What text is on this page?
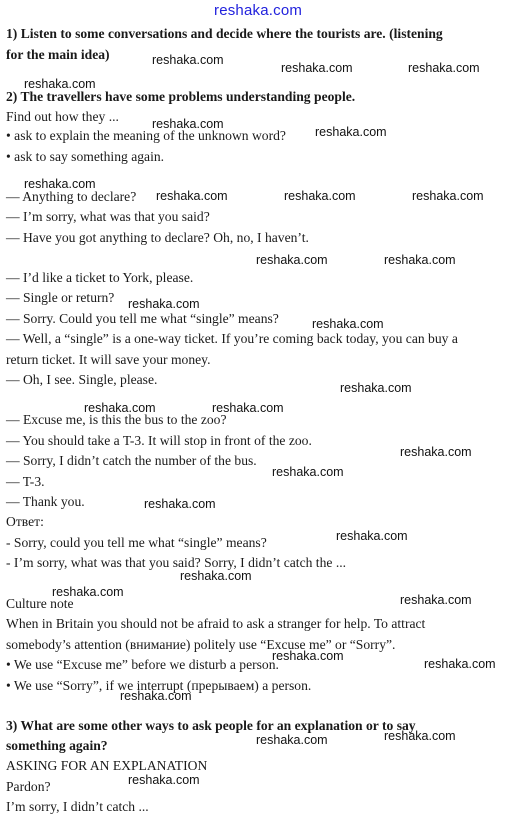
reshaka.com
1) Listen to some conversations and decide where the tourists are. (listening
for the main idea)
2) The travellers have some problems understanding people.
Find out how they ...
• ask to explain the meaning of the unknown word?
• ask to say something again.
— Anything to declare?
— I’m sorry, what was that you said?
— Have you got anything to declare? Oh, no, I haven’t.
— I’d like a ticket to York, please.
— Single or return?
— Sorry. Could you tell me what “single” means?
— Well, a “single” is a one-way ticket. If you’re coming back today, you can buy a
return ticket. It will save your money.
— Oh, I see. Single, please.
— Excuse me, is this the bus to the zoo?
— You should take a T-3. It will stop in front of the zoo.
— Sorry, I didn’t catch the number of the bus.
— T-3.
— Thank you.
Ответ:
- Sorry, could you tell me what “single” means?
- I’m sorry, what was that you said? Sorry, I didn’t catch the ...
Culture note
When in Britain you should not be afraid to ask a stranger for help. To attract
somebody’s attention (внимание) politely use “Excuse me” or “Sorry”.
• We use “Excuse me” before we disturb a person.
• We use “Sorry”, if we interrupt (прерываем) a person.
3) What are some other ways to ask people for an explanation or to say
something again?
ASKING FOR AN EXPLANATION
Pardon?
I’m sorry, I didn’t catch ...
reshaka.com
reshaka.com	reshaka.com
reshaka.com
reshaka.com
reshaka.com
reshaka.com
reshaka.com	reshaka.com	reshaka.com
reshaka.com	reshaka.com
reshaka.com
reshaka.com
reshaka.com
reshaka.com	reshaka.com
reshaka.com
reshaka.com
reshaka.com
reshaka.com
reshaka.com
reshaka.com
reshaka.com
reshaka.com
reshaka.com
reshaka.com
reshaka.com	reshaka.com
reshaka.com
